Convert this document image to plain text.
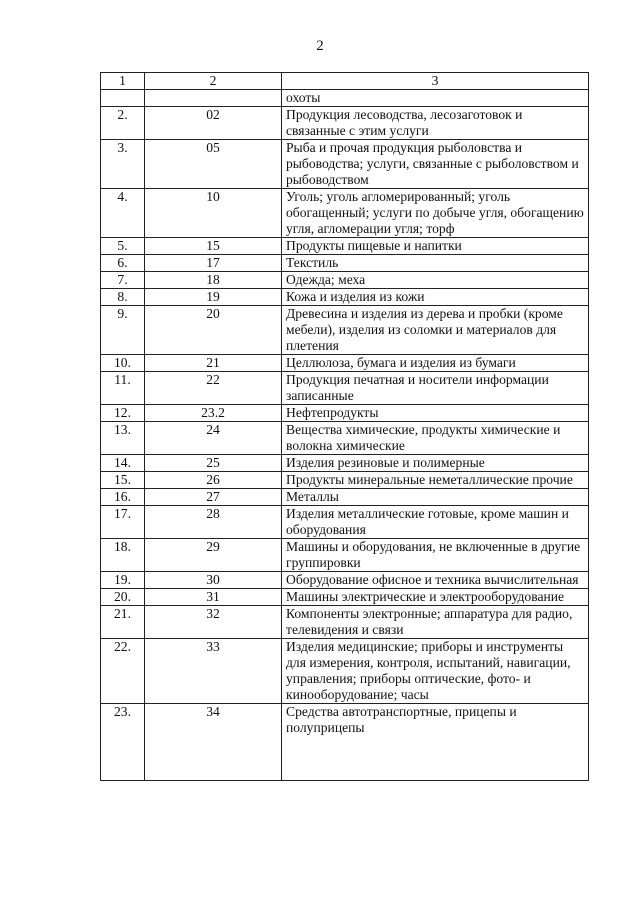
2
1	2	3
		охоты
2.	02	Продукция лесоводства, лесозаготовок и связанные с этим услуги
3.	05	Рыба и прочая продукция рыболовства и рыбоводства; услуги, связанные с рыболовством и рыбоводством
4.	10	Уголь; уголь агломерированный; уголь обогащенный; услуги по добыче угля, обогащению угля, агломерации угля; торф
5.	15	Продукты пищевые и напитки
6.	17	Текстиль
7.	18	Одежда; меха
8.	19	Кожа и изделия из кожи
9.	20	Древесина и изделия из дерева и пробки (кроме мебели), изделия из соломки и материалов для плетения
10.	21	Целлюлоза, бумага и изделия из бумаги
11.	22	Продукция печатная и носители информации записанные
12.	23.2	Нефтепродукты
13.	24	Вещества химические, продукты химические и волокна химические
14.	25	Изделия резиновые и полимерные
15.	26	Продукты минеральные неметаллические прочие
16.	27	Металлы
17.	28	Изделия металлические готовые, кроме машин и оборудования
18.	29	Машины и оборудования, не включенные в другие группировки
19.	30	Оборудование офисное и техника вычислительная
20.	31	Машины электрические и электрооборудование
21.	32	Компоненты электронные; аппаратура для радио, телевидения и связи
22.	33	Изделия медицинские; приборы и инструменты для измерения, контроля, испытаний, навигации, управления; приборы оптические, фото- и кинооборудование; часы
23.	34	Средства автотранспортные, прицепы и полуприцепы
